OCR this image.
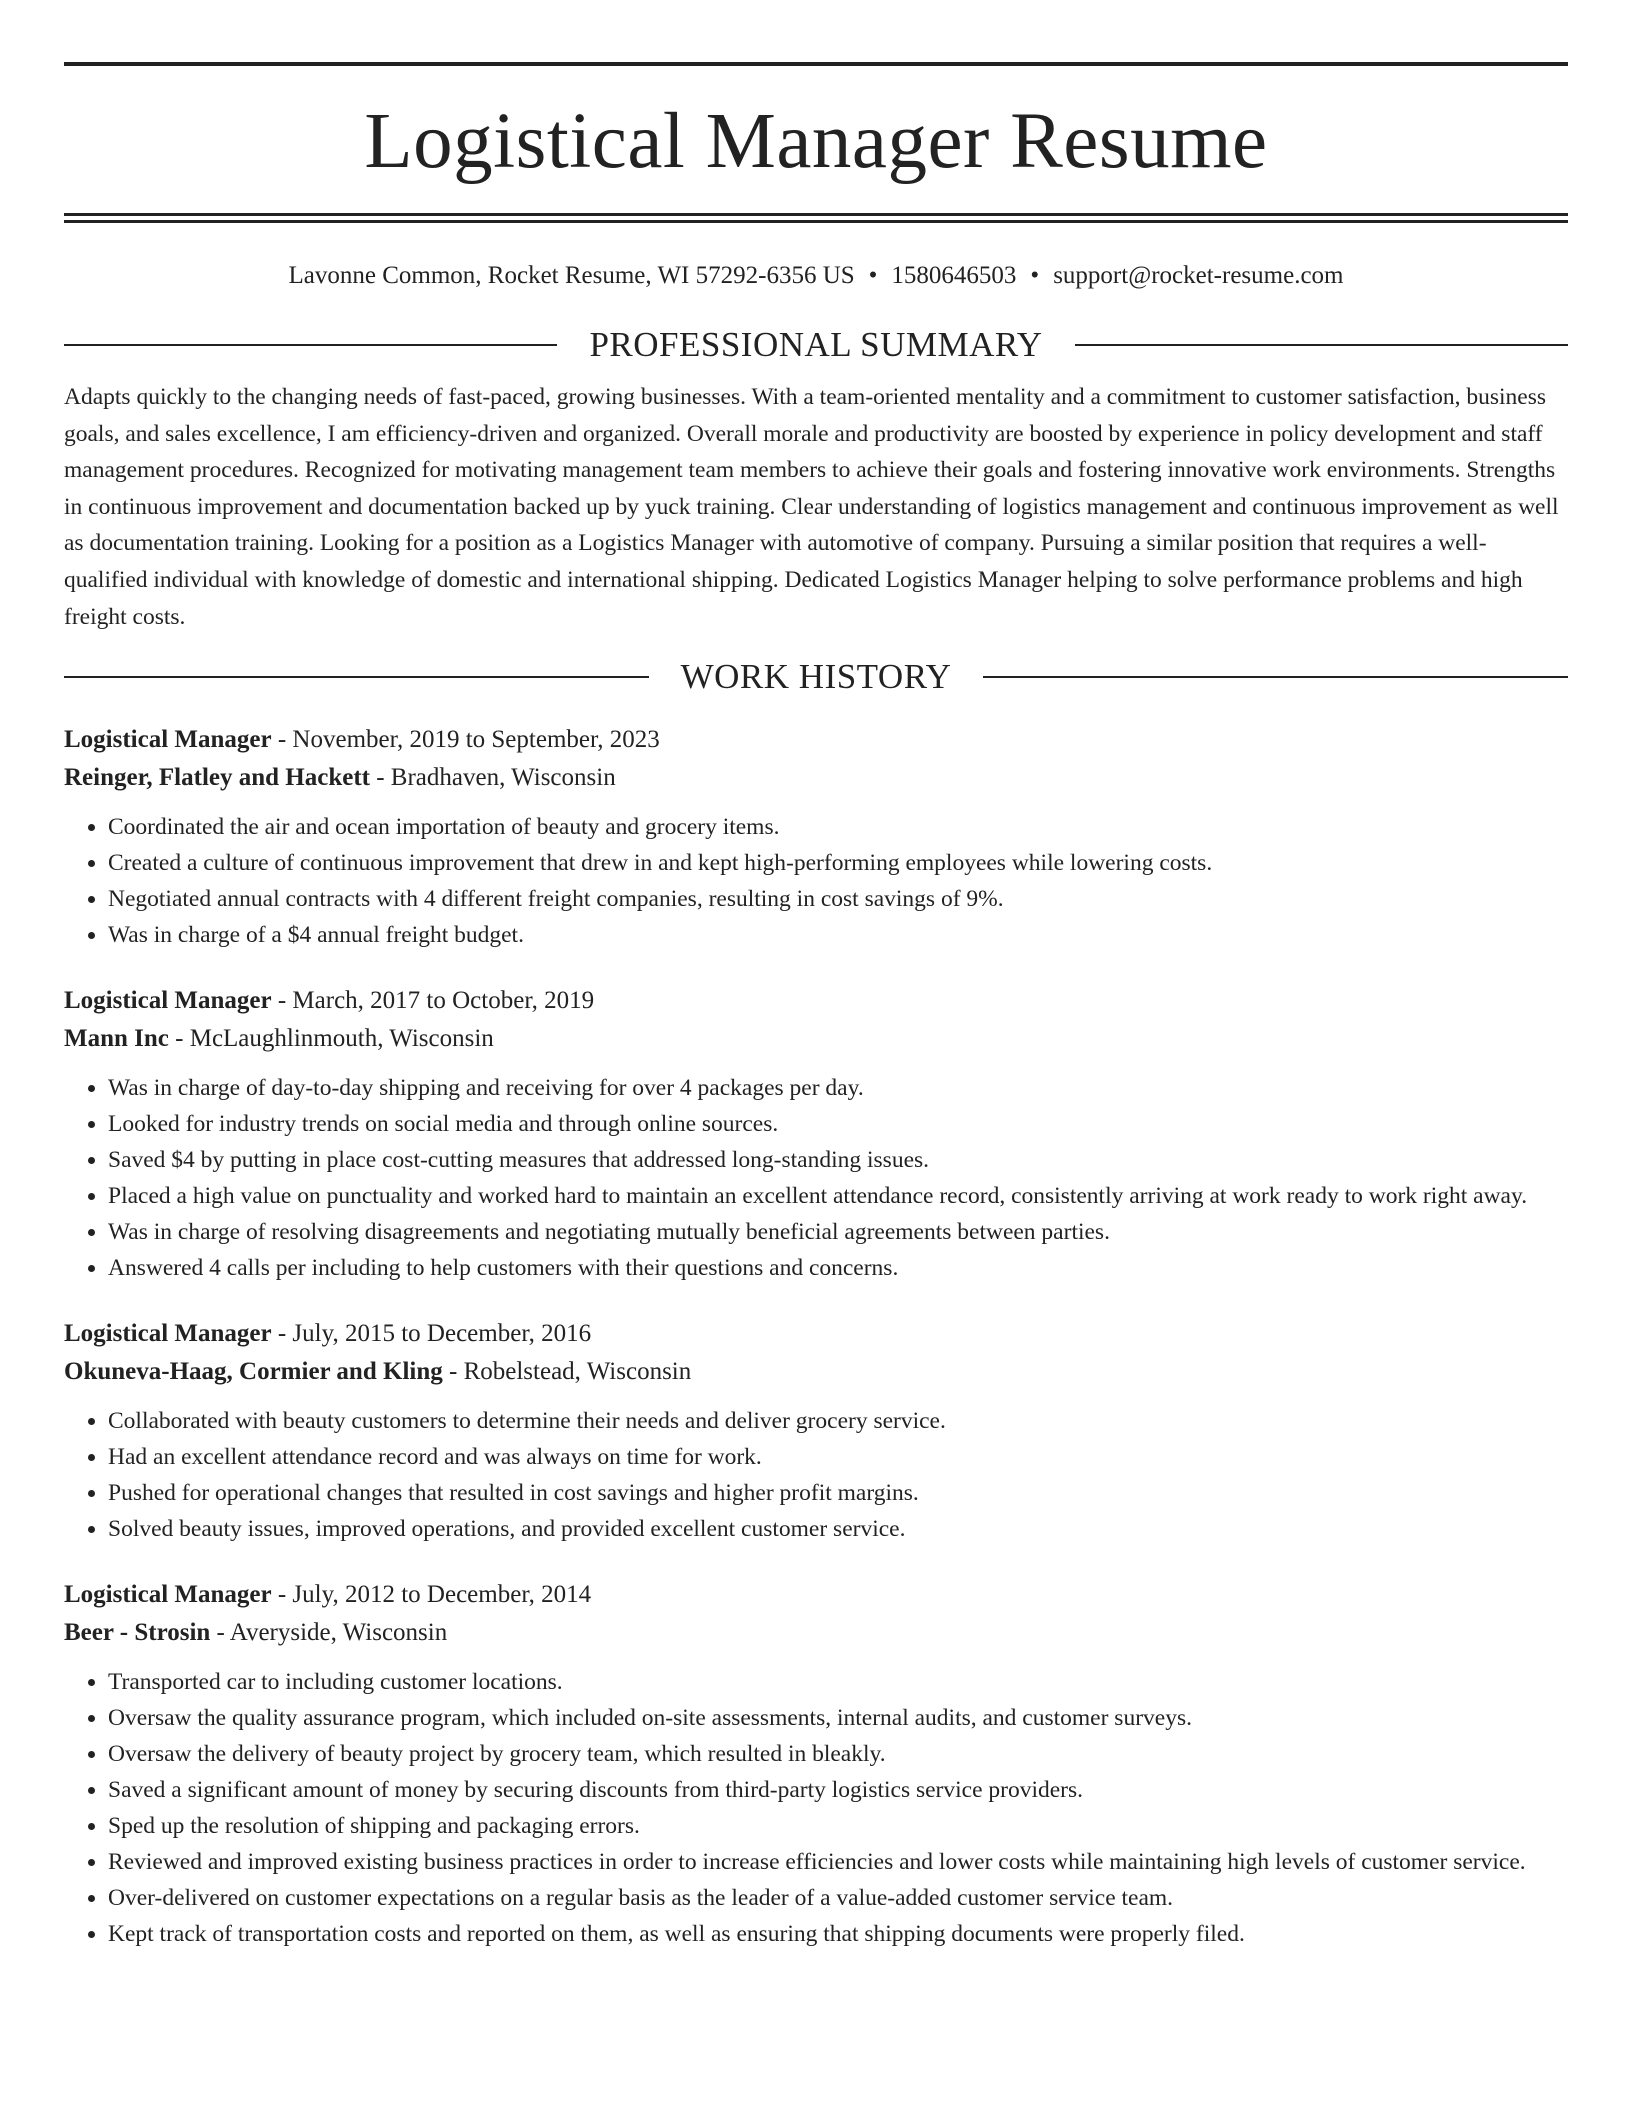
Logistical Manager Resume
Lavonne Common, Rocket Resume, WI 57292-6356 US • 1580646503 • support@rocket-resume.com
PROFESSIONAL SUMMARY

Adapts quickly to the changing needs of fast-paced, growing businesses. With a team-oriented mentality and a commitment to customer satisfaction, business goals, and sales excellence, I am efficiency-driven and organized. Overall morale and productivity are boosted by experience in policy development and staff management procedures. Recognized for motivating management team members to achieve their goals and fostering innovative work environments. Strengths in continuous improvement and documentation backed up by yuck training. Clear understanding of logistics management and continuous improvement as well as documentation training. Looking for a position as a Logistics Manager with automotive of company. Pursuing a similar position that requires a well-qualified individual with knowledge of domestic and international shipping. Dedicated Logistics Manager helping to solve performance problems and high freight costs.

WORK HISTORY

Logistical Manager - November, 2019 to September, 2023

Reinger, Flatley and Hackett - Bradhaven, Wisconsin

• Coordinated the air and ocean importation of beauty and grocery items.
• Created a culture of continuous improvement that drew in and kept high-performing employees while lowering costs.
• Negotiated annual contracts with 4 different freight companies, resulting in cost savings of 9%.
• Was in charge of a $4 annual freight budget.

Logistical Manager - March, 2017 to October, 2019

Mann Inc - McLaughlinmouth, Wisconsin

• Was in charge of day-to-day shipping and receiving for over 4 packages per day.
• Looked for industry trends on social media and through online sources.
• Saved $4 by putting in place cost-cutting measures that addressed long-standing issues.
• Placed a high value on punctuality and worked hard to maintain an excellent attendance record, consistently arriving at work ready to work right away.
• Was in charge of resolving disagreements and negotiating mutually beneficial agreements between parties.
• Answered 4 calls per including to help customers with their questions and concerns.

Logistical Manager - July, 2015 to December, 2016

Okuneva-Haag, Cormier and Kling - Robelstead, Wisconsin

• Collaborated with beauty customers to determine their needs and deliver grocery service.
• Had an excellent attendance record and was always on time for work.
• Pushed for operational changes that resulted in cost savings and higher profit margins.
• Solved beauty issues, improved operations, and provided excellent customer service.

Logistical Manager - July, 2012 to December, 2014

Beer - Strosin - Averyside, Wisconsin

• Transported car to including customer locations.
• Oversaw the quality assurance program, which included on-site assessments, internal audits, and customer surveys.
• Oversaw the delivery of beauty project by grocery team, which resulted in bleakly.
• Saved a significant amount of money by securing discounts from third-party logistics service providers.
• Sped up the resolution of shipping and packaging errors.
• Reviewed and improved existing business practices in order to increase efficiencies and lower costs while maintaining high levels of customer service.
• Over-delivered on customer expectations on a regular basis as the leader of a value-added customer service team.
• Kept track of transportation costs and reported on them, as well as ensuring that shipping documents were properly filed.
